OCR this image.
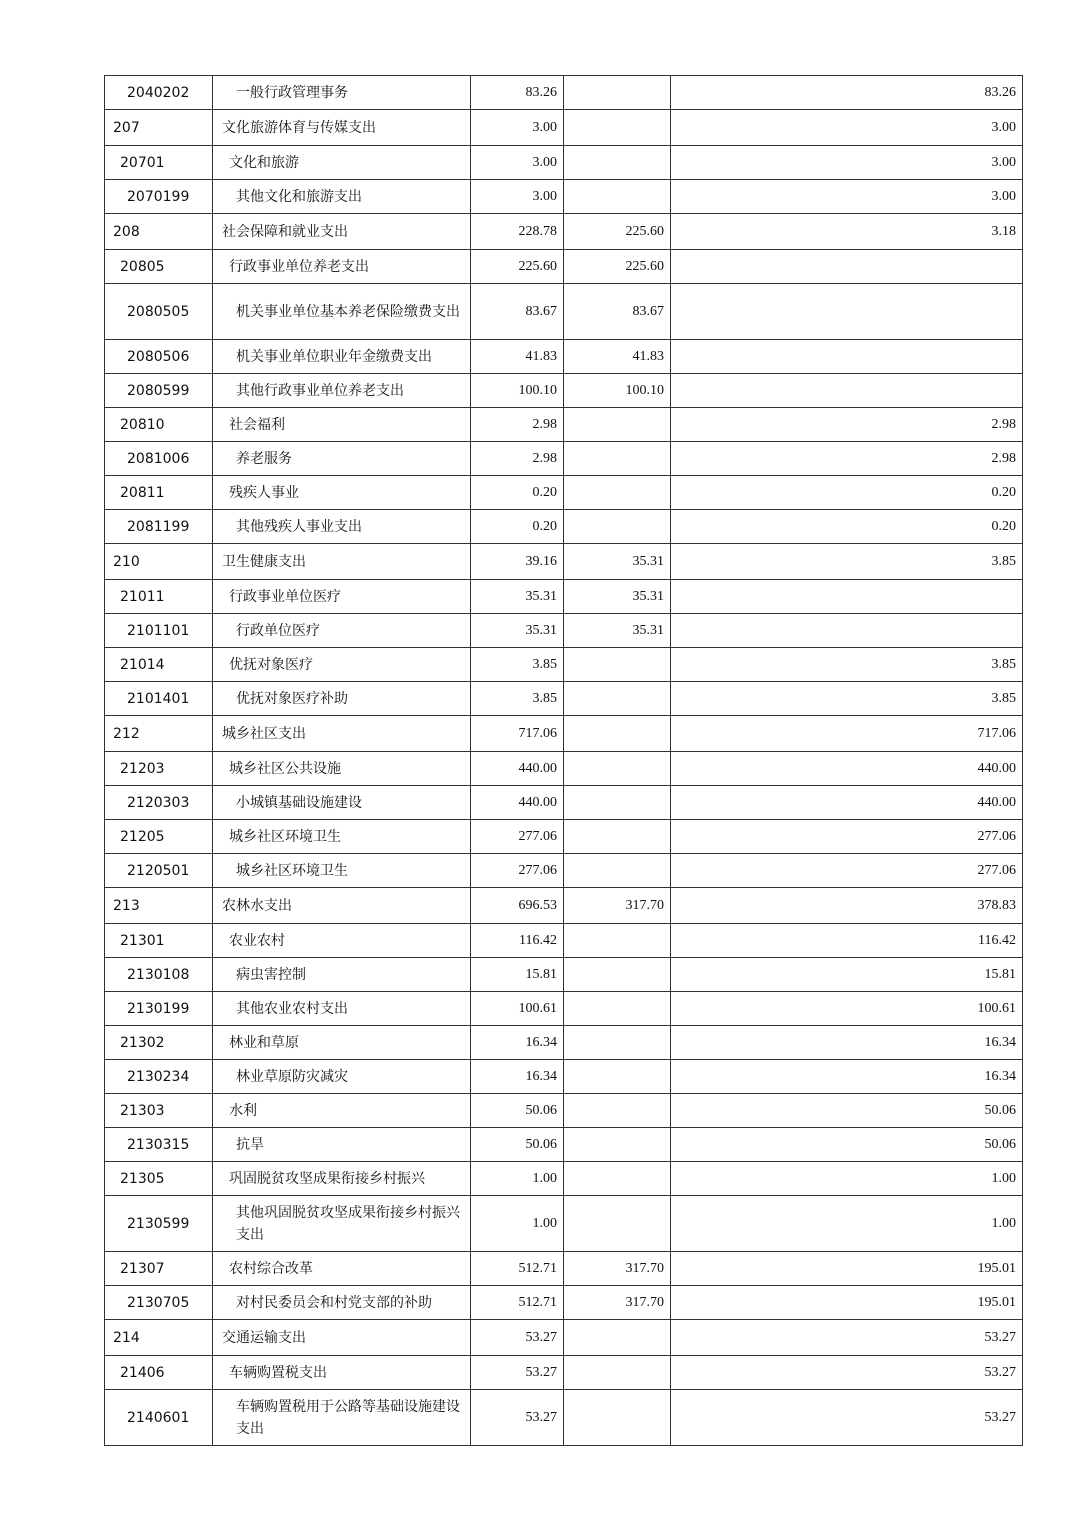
2040202	一般行政管理事务	83.26		83.26
207	文化旅游体育与传媒支出	3.00		3.00
20701	文化和旅游	3.00		3.00
2070199	其他文化和旅游支出	3.00		3.00
208	社会保障和就业支出	228.78	225.60	3.18
20805	行政事业单位养老支出	225.60	225.60	
2080505	机关事业单位基本养老保险缴费支出	83.67	83.67	
2080506	机关事业单位职业年金缴费支出	41.83	41.83	
2080599	其他行政事业单位养老支出	100.10	100.10	
20810	社会福利	2.98		2.98
2081006	养老服务	2.98		2.98
20811	残疾人事业	0.20		0.20
2081199	其他残疾人事业支出	0.20		0.20
210	卫生健康支出	39.16	35.31	3.85
21011	行政事业单位医疗	35.31	35.31	
2101101	行政单位医疗	35.31	35.31	
21014	优抚对象医疗	3.85		3.85
2101401	优抚对象医疗补助	3.85		3.85
212	城乡社区支出	717.06		717.06
21203	城乡社区公共设施	440.00		440.00
2120303	小城镇基础设施建设	440.00		440.00
21205	城乡社区环境卫生	277.06		277.06
2120501	城乡社区环境卫生	277.06		277.06
213	农林水支出	696.53	317.70	378.83
21301	农业农村	116.42		116.42
2130108	病虫害控制	15.81		15.81
2130199	其他农业农村支出	100.61		100.61
21302	林业和草原	16.34		16.34
2130234	林业草原防灾减灾	16.34		16.34
21303	水利	50.06		50.06
2130315	抗旱	50.06		50.06
21305	巩固脱贫攻坚成果衔接乡村振兴	1.00		1.00
2130599	其他巩固脱贫攻坚成果衔接乡村振兴支出	1.00		1.00
21307	农村综合改革	512.71	317.70	195.01
2130705	对村民委员会和村党支部的补助	512.71	317.70	195.01
214	交通运输支出	53.27		53.27
21406	车辆购置税支出	53.27		53.27
2140601	车辆购置税用于公路等基础设施建设支出	53.27		53.27
